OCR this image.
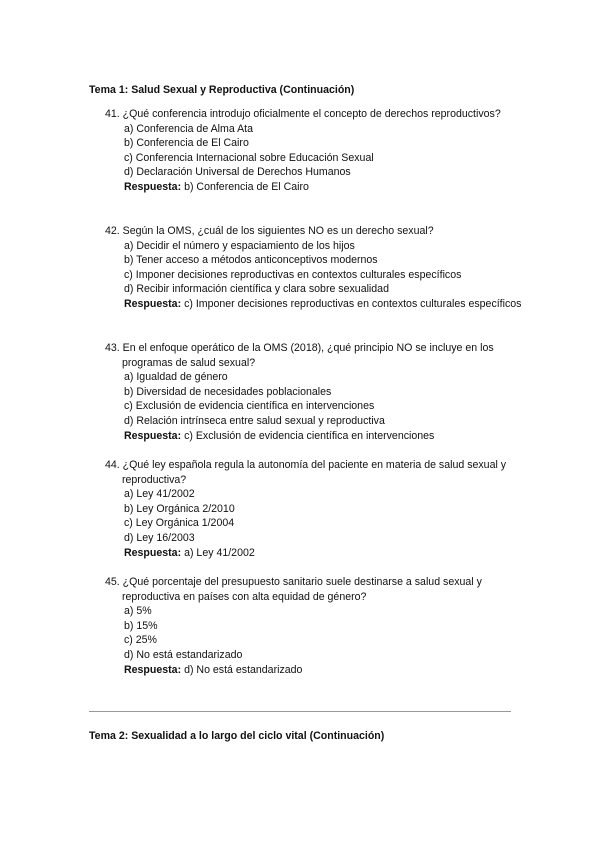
Tema 1: Salud Sexual y Reproductiva (Continuación)
41. ¿Qué conferencia introdujo oficialmente el concepto de derechos reproductivos?
a) Conferencia de Alma Ata
b) Conferencia de El Cairo
c) Conferencia Internacional sobre Educación Sexual
d) Declaración Universal de Derechos Humanos
Respuesta: b) Conferencia de El Cairo
42. Según la OMS, ¿cuál de los siguientes NO es un derecho sexual?
a) Decidir el número y espaciamiento de los hijos
b) Tener acceso a métodos anticonceptivos modernos
c) Imponer decisiones reproductivas en contextos culturales específicos
d) Recibir información científica y clara sobre sexualidad
Respuesta: c) Imponer decisiones reproductivas en contextos culturales específicos
43. En el enfoque operático de la OMS (2018), ¿qué principio NO se incluye en los programas de salud sexual?
a) Igualdad de género
b) Diversidad de necesidades poblacionales
c) Exclusión de evidencia científica en intervenciones
d) Relación intrínseca entre salud sexual y reproductiva
Respuesta: c) Exclusión de evidencia científica en intervenciones
44. ¿Qué ley española regula la autonomía del paciente en materia de salud sexual y reproductiva?
a) Ley 41/2002
b) Ley Orgánica 2/2010
c) Ley Orgánica 1/2004
d) Ley 16/2003
Respuesta: a) Ley 41/2002
45. ¿Qué porcentaje del presupuesto sanitario suele destinarse a salud sexual y reproductiva en países con alta equidad de género?
a) 5%
b) 15%
c) 25%
d) No está estandarizado
Respuesta: d) No está estandarizado
Tema 2: Sexualidad a lo largo del ciclo vital (Continuación)
